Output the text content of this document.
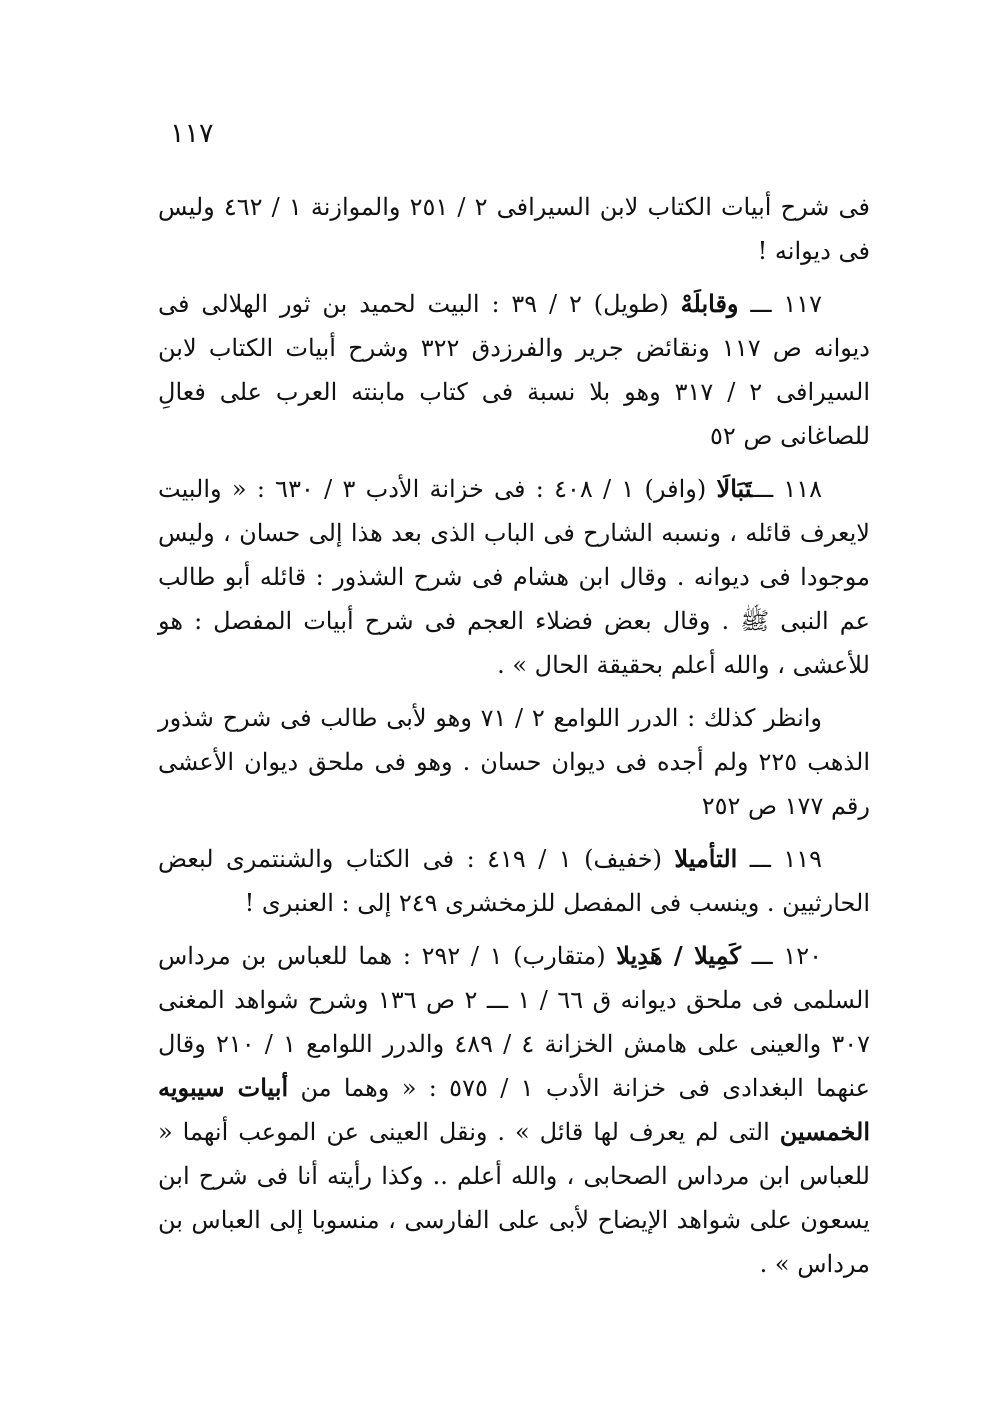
١١٧

فى شرح أبيات الكتاب لابن السيرافى ٢ / ٢٥١ والموازنة ١ / ٤٦٢ وليس فى ديوانه !

١١٧ ـــ وقابلَهْ (طويل) ٢ / ٣٩ : البيت لحميد بن ثور الهلالى فى ديوانه ص ١١٧ ونقائض جرير والفرزدق ٣٢٢ وشرح أبيات الكتاب لابن السيرافى ٢ / ٣١٧ وهو بلا نسبة فى كتاب مابنته العرب على فعالِ للصاغانى ص ٥٢

١١٨ ـــتَبَالَا (وافر) ١ / ٤٠٨ : فى خزانة الأدب ٣ / ٦٣٠ : « والبيت لايعرف قائله ، ونسبه الشارح فى الباب الذى بعد هذا إلى حسان ، وليس موجودا فى ديوانه . وقال ابن هشام فى شرح الشذور : قائله أبو طالب عم النبى ﷺ . وقال بعض فضلاء العجم فى شرح أبيات المفصل : هو للأعشى ، والله أعلم بحقيقة الحال » .

وانظر كذلك : الدرر اللوامع ٢ / ٧١ وهو لأبى طالب فى شرح شذور الذهب ٢٢٥ ولم أجده فى ديوان حسان . وهو فى ملحق ديوان الأعشى رقم ١٧٧ ص ٢٥٢

١١٩ ـــ التأميلا (خفيف) ١ / ٤١٩ : فى الكتاب والشنتمرى لبعض الحارثيين . وينسب فى المفصل للزمخشرى ٢٤٩ إلى : العنبرى !

١٢٠ ـــ كَمِيلا / هَدِيلا (متقارب) ١ / ٢٩٢ : هما للعباس بن مرداس السلمى فى ملحق ديوانه ق ٦٦ / ١ ـــ ٢ ص ١٣٦ وشرح شواهد المغنى ٣٠٧ والعينى على هامش الخزانة ٤ / ٤٨٩ والدرر اللوامع ١ / ٢١٠ وقال عنهما البغدادى فى خزانة الأدب ١ / ٥٧٥ : « وهما من أبيات سيبويه الخمسين التى لم يعرف لها قائل » . ونقل العينى عن الموعب أنهما « للعباس ابن مرداس الصحابى ، والله أعلم .. وكذا رأيته أنا فى شرح ابن يسعون على شواهد الإيضاح لأبى على الفارسى ، منسوبا إلى العباس بن مرداس » .
